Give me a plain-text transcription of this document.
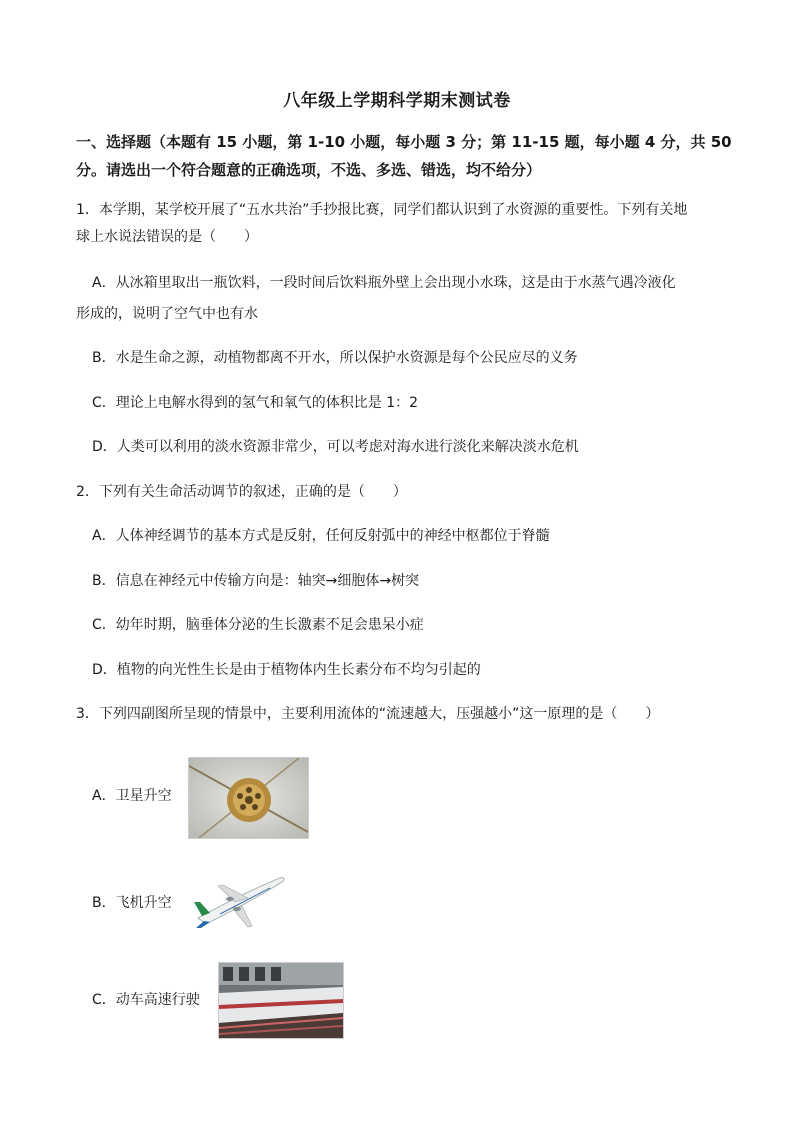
八年级上学期科学期末测试卷
一、选择题（本题有 15 小题，第 1-10 小题，每小题 3 分；第 11-15 题，每小题 4 分，共 50
分。请选出一个符合题意的正确选项，不选、多选、错选，均不给分）
1．本学期，某学校开展了“五水共治”手抄报比赛，同学们都认识到了水资源的重要性。下列有关地
球上水说法错误的是（　　）
A．从冰箱里取出一瓶饮料，一段时间后饮料瓶外壁上会出现小水珠，这是由于水蒸气遇冷液化
形成的，说明了空气中也有水
B．水是生命之源，动植物都离不开水，所以保护水资源是每个公民应尽的义务
C．理论上电解水得到的氢气和氧气的体积比是 1：2
D．人类可以利用的淡水资源非常少，可以考虑对海水进行淡化来解决淡水危机
2．下列有关生命活动调节的叙述，正确的是（　　）
A．人体神经调节的基本方式是反射，任何反射弧中的神经中枢都位于脊髓
B．信息在神经元中传输方向是：轴突→细胞体→树突
C．幼年时期，脑垂体分泌的生长激素不足会患呆小症
D．植物的向光性生长是由于植物体内生长素分布不均匀引起的
3．下列四副图所呈现的情景中，主要利用流体的“流速越大，压强越小”这一原理的是（　　）
A．卫星升空
B．飞机升空
C．动车高速行驶
